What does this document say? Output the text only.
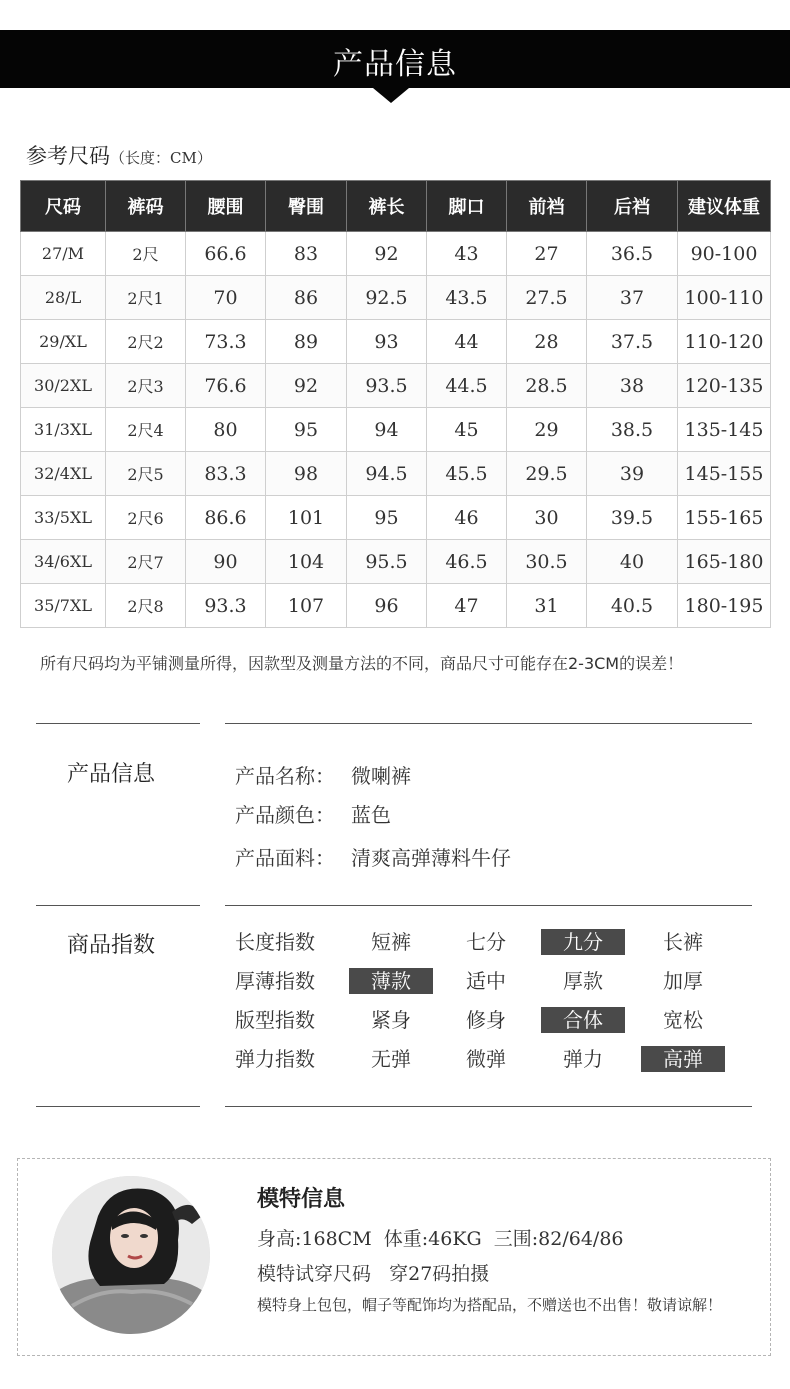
产品信息
参考尺码（长度：CM）
尺码	裤码	腰围	臀围	裤长	脚口	前裆	后裆	建议体重
27/M	2尺	66.6	83	92	43	27	36.5	90-100
28/L	2尺1	70	86	92.5	43.5	27.5	37	100-110
29/XL	2尺2	73.3	89	93	44	28	37.5	110-120
30/2XL	2尺3	76.6	92	93.5	44.5	28.5	38	120-135
31/3XL	2尺4	80	95	94	45	29	38.5	135-145
32/4XL	2尺5	83.3	98	94.5	45.5	29.5	39	145-155
33/5XL	2尺6	86.6	101	95	46	30	39.5	155-165
34/6XL	2尺7	90	104	95.5	46.5	30.5	40	165-180
35/7XL	2尺8	93.3	107	96	47	31	40.5	180-195
所有尺码均为平铺测量所得，因款型及测量方法的不同，商品尺寸可能存在2-3CM的误差！
产品信息	产品名称： 微喇裤
产品颜色： 蓝色
产品面料： 清爽高弹薄料牛仔
商品指数	长度指数	短裤	七分	九分	长裤
厚薄指数	薄款	适中	厚款	加厚
版型指数	紧身	修身	合体	宽松
弹力指数	无弹	微弹	弹力	高弹
模特信息
身高:168CM  体重:46KG  三围:82/64/86
模特试穿尺码   穿27码拍摄
模特身上包包，帽子等配饰均为搭配品，不赠送也不出售！敬请谅解！
